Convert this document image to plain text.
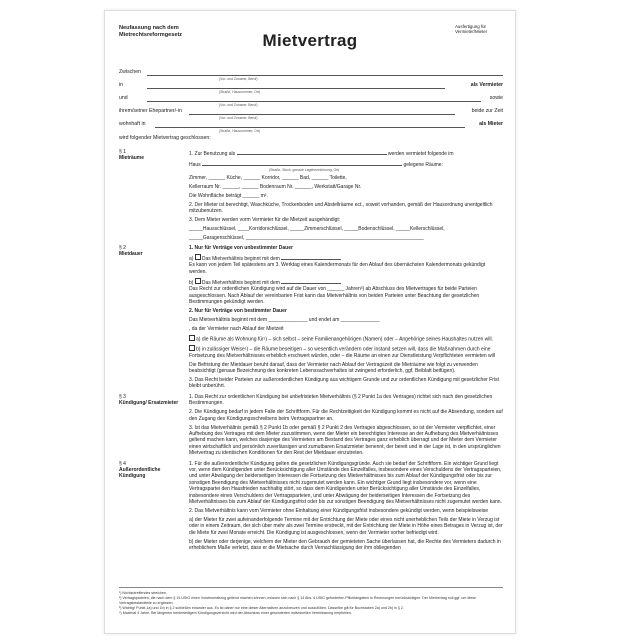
Neufassung nach dem
Mietrechtsreformgesetz	Mietvertrag
Ausfertigung für
Vermieter/Mieter
Zwischen
(Vor- und Zuname, Beruf)
in
(Straße, Hausnummer, Ort)
als Vermieter
und
(Vor- und Zuname, Beruf)
sowie
ihrem/seiner Ehepartner/-in
(Vor- und Zuname, Beruf)
beide zur Zeit
wohnhaft in
(Straße, Hausnummer, Ort)
als Mieter
wird folgender Mietvertrag geschlossen:
§ 1
Mieträume
1. Zur Benutzung als	werden vermietet folgende im
Haus	gelegene Räume:
(Straße, Stock, genaue Lagebezeichnung, Ort)
Zimmer, ______ Küche, ______ Korridor, ______ Bad, ______ Toilette,
Kellerraum Nr. ______, ______ Bodenraum Nr. ______, Werkstatt/Garage Nr.
Die Wohnfläche beträgt ______ m².
2. Der Mieter ist berechtigt, Waschküche, Trockenboden und Abstellräume ect., soweit vorhanden, gemäß der Hausordnung unentgeltlich mitzubenutzen.
3. Dem Mieter werden vorm Vermieter für die Mietzeit ausgehändigt:
_____Hausschlüssel, ____Korridorschlüssel, _____Zimmerschlüssel, _____Bodenschlüssel, _____Kellerschlüssel,
_____Garagenschlüssel, ________________________________________________________________
§ 2
Mietdauer
1. Nur für Verträge von unbestimmter Dauer
a) Das Mietverhältnis beginnt mit dem
Es kann von jedem Teil spätestens am 3. Werktag eines Kalendermonats für den Ablauf des übernächsten Kalendermonats gekündigt werden.
b) Das Mietverhältnis beginnt mit dem
Das Recht zur ordentlichen Kündigung wird auf die Dauer von ______ Jahren³) ab Abschluss des Mietvertrages für beide Parteien ausgeschlossen. Nach Ablauf der vereinbarten Frist kann das Mietverhältnis von beiden Parteien unter Beachtung der gesetzlichen Bestimmungen gekündigt werden.
2. Nur für Verträge von bestimmter Dauer
Das Mietverhältnis beginnt mit dem ______________ und endet am ______________
, da der Vermieter nach Ablauf der Mietzeit
a) die Räume als Wohnung für¹) – sich selbst – seine Familienangehörigen (Namen) oder – Angehörige seines Haushaltes nutzen will.
b) in zulässiger Weise¹) – die Räume beseitigen – so wesentlich verändern oder instand setzen will, dass die Maßnahmen durch eine Fortsetzung des Mietverhältnisses erheblich erschwert würden, oder – die Räume an einen zur Dienstleistung Verpflichteten vermieten will
Die Befristung der Mietdauer beruht darauf, dass der Vermieter nach Ablauf der Vertragszeit die Mieträume wie folgt zu verwenden beabsichtigt (genaue Bezeichnung des konkreten Lebenssachverhaltes ist zwingend erforderlich, ggf. Beiblatt beifügen).
3. Das Recht beider Parteien zur außerordentlichen Kündigung aus wichtigem Grunde und zur ordentlichen Kündigung mit gesetzlicher Frist bleibt unberührt.
§ 3
Kündigung/ Ersatzmieter
1. Das Recht zur ordentlichen Kündigung bei unbefristeten Mietverhältnis (§ 2 Punkt 1a des Vertrages) richtet sich nach den gesetzlichen Bestimmungen.
2. Die Kündigung bedarf in jedem Falle der Schriftform. Für die Rechtzeitigkeit der Kündigung kommt es nicht auf die Absendung, sondern auf den Zugang des Kündigungsschreibens beim Vertragspartner an.
3. Ist das Mietverhältnis gemäß § 2 Punkt 1b oder gemäß § 2 Punkt 2 des Vertrages abgeschlossen, so ist der Vermieter verpflichtet, einer Aufhebung des Vertrages mit dem Mieter zuzustimmen, wenn der Mieter ein berechtigtes Interesse an der Aufhebung des Mietverhältnisses geltend machen kann, welches dasjenige des Vermieters am Bestand des Vertrages ganz erheblich überragt und der Mieter dem Vermieter einen wirtschaftlich und persönlich zuverlässigen und zumutbaren Ersatzmieter benennt, der bereit und in der Lage ist, in den ursprünglichen Mietvertrag zu identischen Konditionen für den Rest der Mietdauer einzutreten.
§ 4
Außerordentliche Kündigung
1. Für die außerordentliche Kündigung gelten die gesetzlichen Kündigungsgründe. Auch sie bedarf der Schriftform. Ein wichtiger Grund liegt vor, wenn dem Kündigenden unter Berücksichtigung aller Umstände des Einzelfalles, insbesondere eines Verschuldens der Vertragsparteien, und unter Abwägung der beiderseitigen Interessen die Fortsetzung des Mietverhältnisses bis zum Ablauf der Kündigungsfrist oder bis zur sonstigen Beendigung des Mietverhältnisses nicht zugemutet werden kann. Ein wichtiger Grund liegt insbesondere vor, wenn eine Vertragspartei den Hausfrieden nachhaltig stört, so dass dem Kündigenden unter Berücksichtigung aller Umstände des Einzelfalles, insbesondere eines Verschuldens der Vertragsparteien, und unter Abwägung der beiderseitigen Interessen die Fortsetzung des Mietverhältnisses bis zum Ablauf der Kündigungsfrist oder bis zur sonstigen Beendigung des Mietverhältnisses nicht zugemutet werden kann.
2. Das Mietverhältnis kann vom Vermieter ohne Einhaltung einer Kündigungsfrist insbesondere gekündigt werden, wenn beispielsweise
a) der Mieter für zwei aufeinanderfolgende Termine mit der Entrichtung der Miete oder eines nicht unerheblichen Teils der Miete in Verzug ist oder in einem Zeitraum, der sich über mehr als zwei Termine erstreckt, mit der Entrichtung der Miete in Höhe eines Betrages in Verzug ist, der die Miete für zwei Monate erreicht. Die Kündigung ist ausgeschlossen, wenn der Vermieter vorher befriedigt wird.
b) der Mieter oder derjenige, welchem der Mieter den Gebrauch der gemieteten Sache überlassen hat, die Rechte des Vermieters dadurch in erheblichem Maße verletzt, dass er die Mietsache durch Vernachlässigung der ihm obliegenden
¹) Nichtzutreffendes streichen.
²) Vertragsparteien, die nach dem § 15 UStG einen Vorsteuerabzug geltend machen können, müssen sich nach § 14 Abs. 4 UStG geforderten Pflichtangaben in Rechnungen berücksichtigen. Der Mietvertrag soll ggf. um diese Vertragsbestandteile zu ergänzen.
³) Wichtig! Punkt 1a) und 1b) in § 2 schließen einander aus. Es ist daher nur eine dieser Alternativen anzukreuzen und auszufüllen. Dasselbe gilt für Buchstaben 2a) und 2b) in § 2.
⁴) Maximal 4 Jahre. Bei längerem beiderseitigem Kündigungsverzicht wird der Abschluss einer gesonderten individuellen Vereinbarung empfohlen.
